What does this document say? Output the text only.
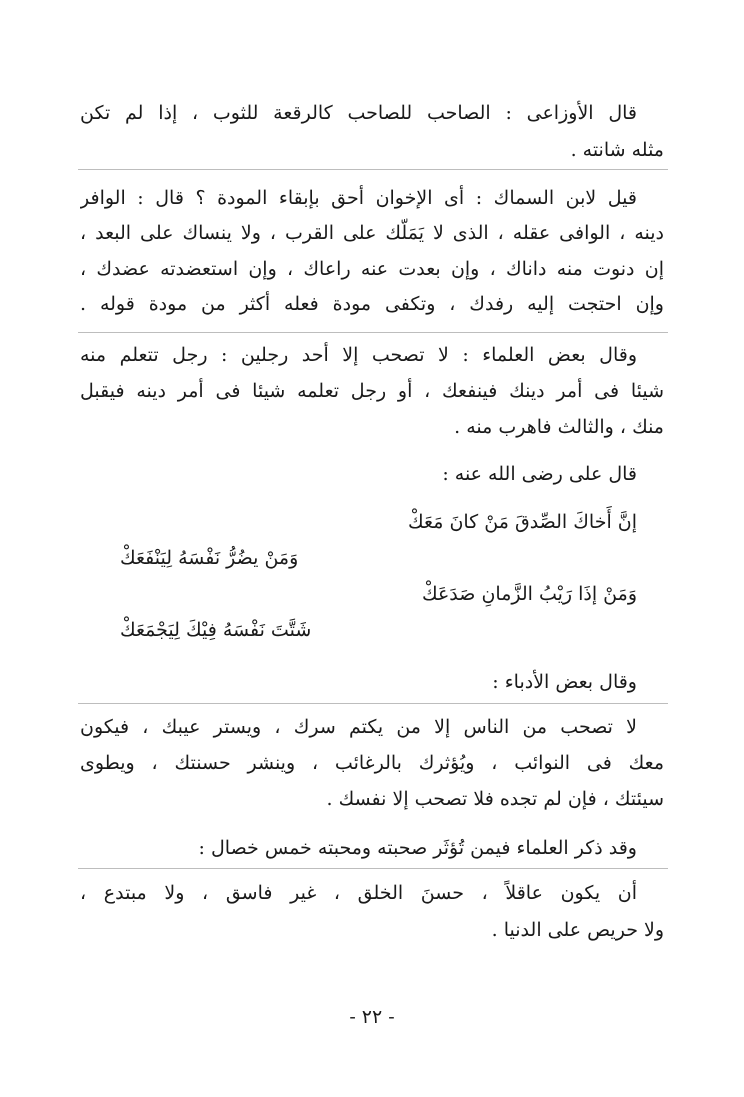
قال الأوزاعى : الصاحب للصاحب كالرقعة للثوب ، إذا لم تكن
مثله شانته .
قيل لابن السماك : أى الإخوان أحق بإبقاء المودة ؟ قال : الوافر
دينه ، الوافى عقله ، الذى لا يَمَلّك على القرب ، ولا ينساك على البعد ،
إن دنوت منه داناك ، وإن بعدت عنه راعاك ، وإن استعضدته عضدك ،
وإن احتجت إليه رفدك ، وتكفى مودة فعله أكثر من مودة قوله .
وقال بعض العلماء : لا تصحب إلا أحد رجلين : رجل تتعلم منه
شيئا فى أمر دينك فينفعك ، أو رجل تعلمه شيئا فى أمر دينه فيقبل
منك ، والثالث فاهرب منه .
قال على رضى الله عنه :
إنَّ أَخاكَ الصِّدقَ مَنْ كانَ مَعَكْ
وَمَنْ يضُرُّ نَفْسَهُ لِيَنْفَعَكْ
وَمَنْ إذَا رَيْبُ الزَّمانِ صَدَعَكْ
شَتَّتَ نَفْسَهُ فِيْكَ لِيَجْمَعَكْ
وقال بعض الأدباء :
لا تصحب من الناس إلا من يكتم سرك ، ويستر عيبك ، فيكون
معك فى النوائب ، ويُؤثرك بالرغائب ، وينشر حسنتك ، ويطوى
سيئتك ، فإن لم تجده فلا تصحب إلا نفسك .
وقد ذكر العلماء فيمن تُؤثَر صحبته ومحبته خمس خصال :
أن يكون عاقلاً ، حسنَ الخلق ، غير فاسق ، ولا مبتدع ،
ولا حريص على الدنيا .
- ٢٢ -
